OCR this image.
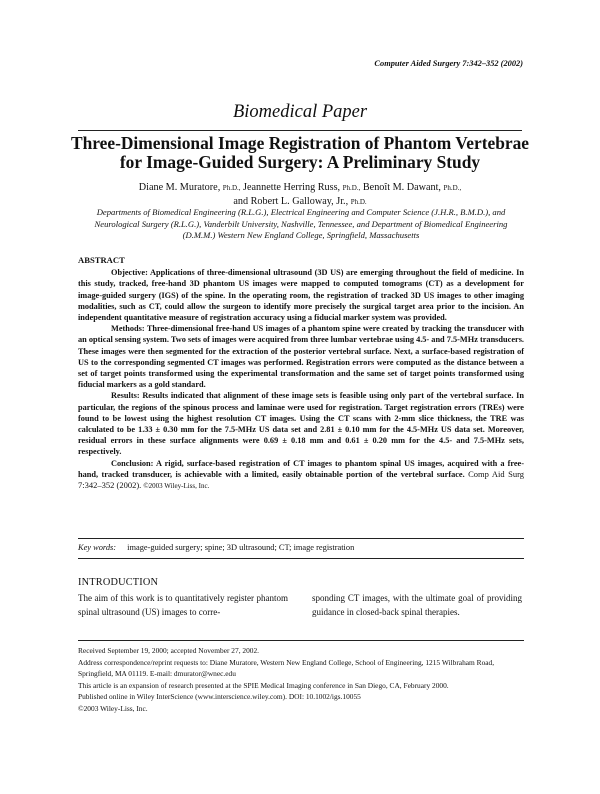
Computer Aided Surgery 7:342–352 (2002)
Biomedical Paper
Three-Dimensional Image Registration of Phantom Vertebrae for Image-Guided Surgery: A Preliminary Study
Diane M. Muratore, Ph.D., Jeannette Herring Russ, Ph.D., Benoît M. Dawant, Ph.D.,
and Robert L. Galloway, Jr., Ph.D.
Departments of Biomedical Engineering (R.L.G.), Electrical Engineering and Computer Science (J.H.R., B.M.D.), and Neurological Surgery (R.L.G.), Vanderbilt University, Nashville, Tennessee, and Department of Biomedical Engineering (D.M.M.) Western New England College, Springfield, Massachusetts
ABSTRACT

Objective: Applications of three-dimensional ultrasound (3D US) are emerging throughout the field of medicine. In this study, tracked, free-hand 3D phantom US images were mapped to computed tomograms (CT) as a development for image-guided surgery (IGS) of the spine. In the operating room, the registration of tracked 3D US images to other imaging modalities, such as CT, could allow the surgeon to identify more precisely the surgical target area prior to the incision. An independent quantitative measure of registration accuracy using a fiducial marker system was provided.

Methods: Three-dimensional free-hand US images of a phantom spine were created by tracking the transducer with an optical sensing system. Two sets of images were acquired from three lumbar vertebrae using 4.5- and 7.5-MHz transducers. These images were then segmented for the extraction of the posterior vertebral surface. Next, a surface-based registration of US to the corresponding segmented CT images was performed. Registration errors were computed as the distance between a set of target points transformed using the experimental transformation and the same set of target points transformed using fiducial markers as a gold standard.

Results: Results indicated that alignment of these image sets is feasible using only part of the vertebral surface. In particular, the regions of the spinous process and laminae were used for registration. Target registration errors (TREs) were found to be lowest using the highest resolution CT images. Using the CT scans with 2-mm slice thickness, the TRE was calculated to be 1.33 ± 0.30 mm for the 7.5-MHz US data set and 2.81 ± 0.10 mm for the 4.5-MHz US data set. Moreover, residual errors in these surface alignments were 0.69 ± 0.18 mm and 0.61 ± 0.20 mm for the 4.5- and 7.5-MHz sets, respectively.

Conclusion: A rigid, surface-based registration of CT images to phantom spinal US images, acquired with a free-hand, tracked transducer, is achievable with a limited, easily obtainable portion of the vertebral surface. Comp Aid Surg 7:342–352 (2002). ©2003 Wiley-Liss, Inc.

Key words: image-guided surgery; spine; 3D ultrasound; CT; image registration
INTRODUCTION
The aim of this work is to quantitatively register phantom spinal ultrasound (US) images to corre-
sponding CT images, with the ultimate goal of providing guidance in closed-back spinal therapies.
Received September 19, 2000; accepted November 27, 2002.
Address correspondence/reprint requests to: Diane Muratore, Western New England College, School of Engineering, 1215 Wilbraham Road, Springfield, MA 01119. E-mail: dmurator@wnec.edu
This article is an expansion of research presented at the SPIE Medical Imaging conference in San Diego, CA, February 2000.
Published online in Wiley InterScience (www.interscience.wiley.com). DOI: 10.1002/igs.10055
©2003 Wiley-Liss, Inc.
